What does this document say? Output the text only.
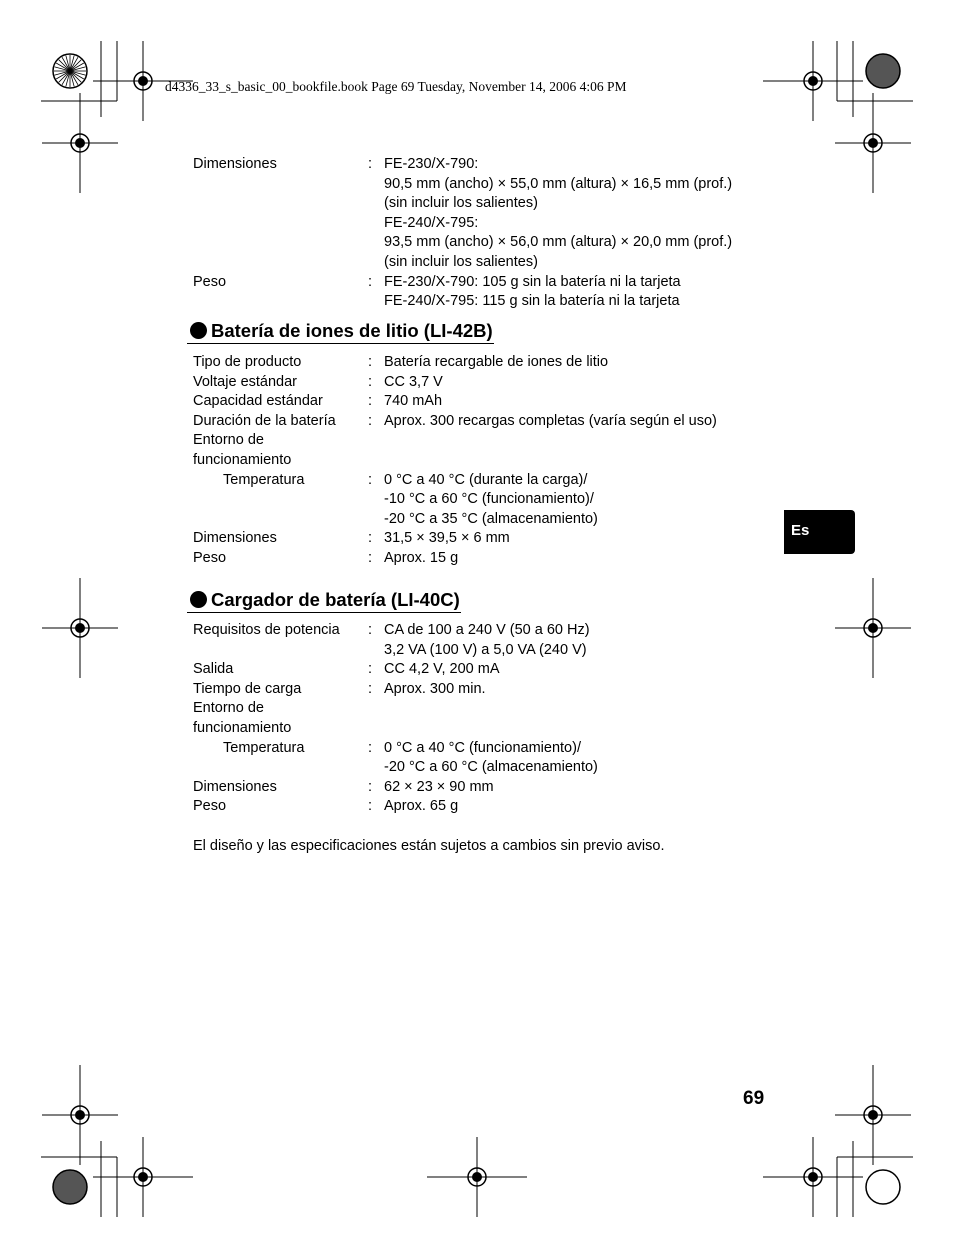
d4336_33_s_basic_00_bookfile.book Page 69 Tuesday, November 14, 2006 4:06 PM
Dimensiones	: FE-230/X-790:
90,5 mm (ancho) × 55,0 mm (altura) × 16,5 mm (prof.)
(sin incluir los salientes)
FE-240/X-795:
93,5 mm (ancho) × 56,0 mm (altura) × 20,0 mm (prof.)
(sin incluir los salientes)
Peso	: FE-230/X-790: 105 g sin la batería ni la tarjeta
FE-240/X-795: 115 g sin la batería ni la tarjeta
Batería de iones de litio (LI-42B)
Tipo de producto	: Batería recargable de iones de litio
Voltaje estándar	: CC 3,7 V
Capacidad estándar	: 740 mAh
Duración de la batería : Aprox. 300 recargas completas (varía según el uso)
Entorno de
funcionamiento
Temperatura	: 0 °C a 40 °C (durante la carga)/
-10 °C a 60 °C (funcionamiento)/
-20 °C a 35 °C (almacenamiento)
Dimensiones	: 31,5 × 39,5 × 6 mm
Peso	: Aprox. 15 g
Cargador de batería (LI-40C)
Requisitos de potencia : CA de 100 a 240 V (50 a 60 Hz)
3,2 VA (100 V) a 5,0 VA (240 V)
Salida	: CC 4,2 V, 200 mA
Tiempo de carga	: Aprox. 300 min.
Entorno de
funcionamiento
Temperatura	: 0 °C a 40 °C (funcionamiento)/
-20 °C a 60 °C (almacenamiento)
Dimensiones	: 62 × 23 × 90 mm
Peso	: Aprox. 65 g
El diseño y las especificaciones están sujetos a cambios sin previo aviso.
Es
69
